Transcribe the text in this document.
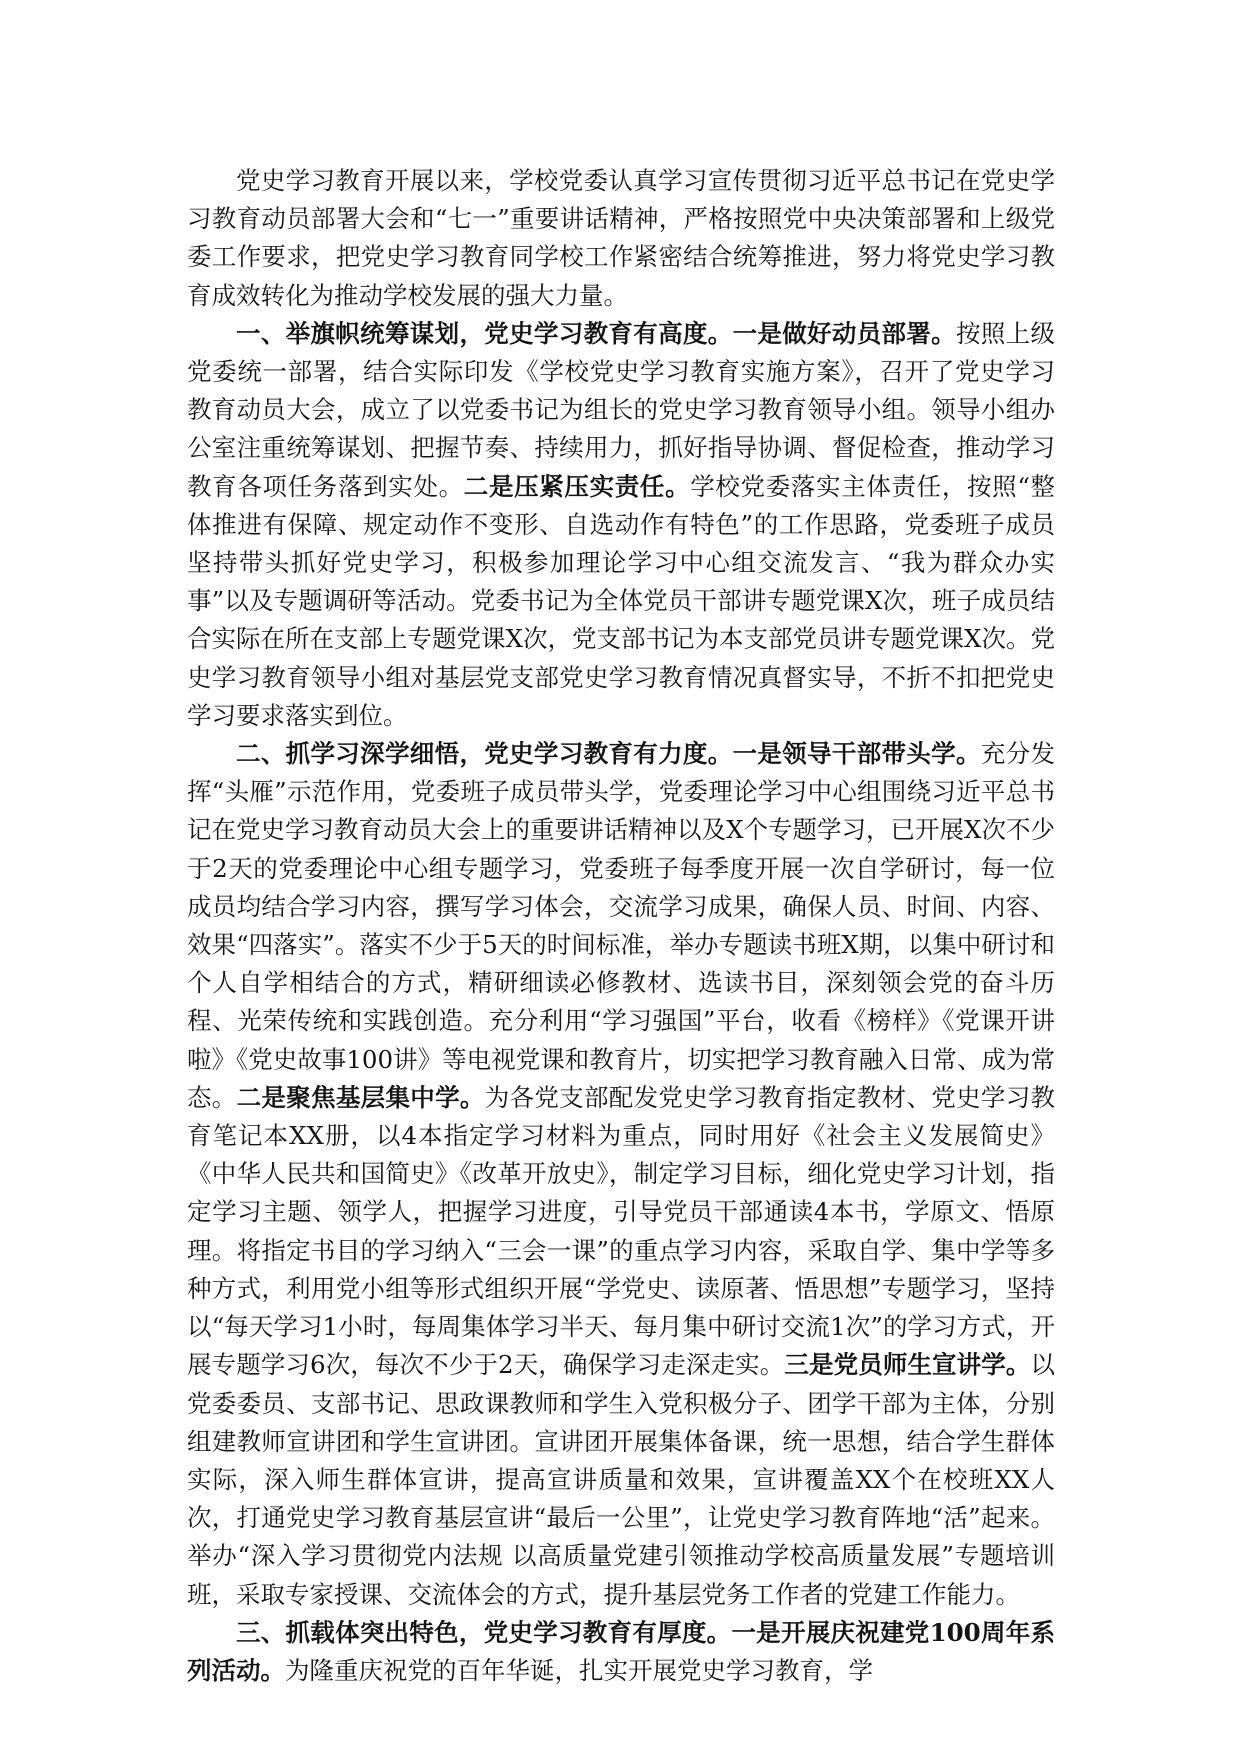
党史学习教育开展以来，学校党委认真学习宣传贯彻习近平总书记在党史学习教育动员部署大会和“七一”重要讲话精神，严格按照党中央决策部署和上级党委工作要求，把党史学习教育同学校工作紧密结合统筹推进，努力将党史学习教育成效转化为推动学校发展的强大力量。

一、举旗帜统筹谋划，党史学习教育有高度。一是做好动员部署。按照上级党委统一部署，结合实际印发《学校党史学习教育实施方案》，召开了党史学习教育动员大会，成立了以党委书记为组长的党史学习教育领导小组。领导小组办公室注重统筹谋划、把握节奏、持续用力，抓好指导协调、督促检查，推动学习教育各项任务落到实处。二是压紧压实责任。学校党委落实主体责任，按照“整体推进有保障、规定动作不变形、自选动作有特色”的工作思路，党委班子成员坚持带头抓好党史学习，积极参加理论学习中心组交流发言、“我为群众办实事”以及专题调研等活动。党委书记为全体党员干部讲专题党课X次，班子成员结合实际在所在支部上专题党课X次，党支部书记为本支部党员讲专题党课X次。党史学习教育领导小组对基层党支部党史学习教育情况真督实导，不折不扣把党史学习要求落实到位。

二、抓学习深学细悟，党史学习教育有力度。一是领导干部带头学。充分发挥“头雁”示范作用，党委班子成员带头学，党委理论学习中心组围绕习近平总书记在党史学习教育动员大会上的重要讲话精神以及X个专题学习，已开展X次不少于2天的党委理论中心组专题学习，党委班子每季度开展一次自学研讨，每一位成员均结合学习内容，撰写学习体会，交流学习成果，确保人员、时间、内容、效果“四落实”。落实不少于5天的时间标准，举办专题读书班X期，以集中研讨和个人自学相结合的方式，精研细读必修教材、选读书目，深刻领会党的奋斗历程、光荣传统和实践创造。充分利用“学习强国”平台，收看《榜样》《党课开讲啦》《党史故事100讲》等电视党课和教育片，切实把学习教育融入日常、成为常态。二是聚焦基层集中学。为各党支部配发党史学习教育指定教材、党史学习教育笔记本XX册，以4本指定学习材料为重点，同时用好《社会主义发展简史》《中华人民共和国简史》《改革开放史》，制定学习目标，细化党史学习计划，指定学习主题、领学人，把握学习进度，引导党员干部通读4本书，学原文、悟原理。将指定书目的学习纳入“三会一课”的重点学习内容，采取自学、集中学等多种方式，利用党小组等形式组织开展“学党史、读原著、悟思想”专题学习，坚持以“每天学习1小时，每周集体学习半天、每月集中研讨交流1次”的学习方式，开展专题学习6次，每次不少于2天，确保学习走深走实。三是党员师生宣讲学。以党委委员、支部书记、思政课教师和学生入党积极分子、团学干部为主体，分别组建教师宣讲团和学生宣讲团。宣讲团开展集体备课，统一思想，结合学生群体实际，深入师生群体宣讲，提高宣讲质量和效果，宣讲覆盖XX个在校班XX人次，打通党史学习教育基层宣讲“最后一公里”，让党史学习教育阵地“活”起来。举办“深入学习贯彻党内法规 以高质量党建引领推动学校高质量发展”专题培训班，采取专家授课、交流体会的方式，提升基层党务工作者的党建工作能力。

三、抓载体突出特色，党史学习教育有厚度。一是开展庆祝建党100周年系列活动。为隆重庆祝党的百年华诞，扎实开展党史学习教育，学
